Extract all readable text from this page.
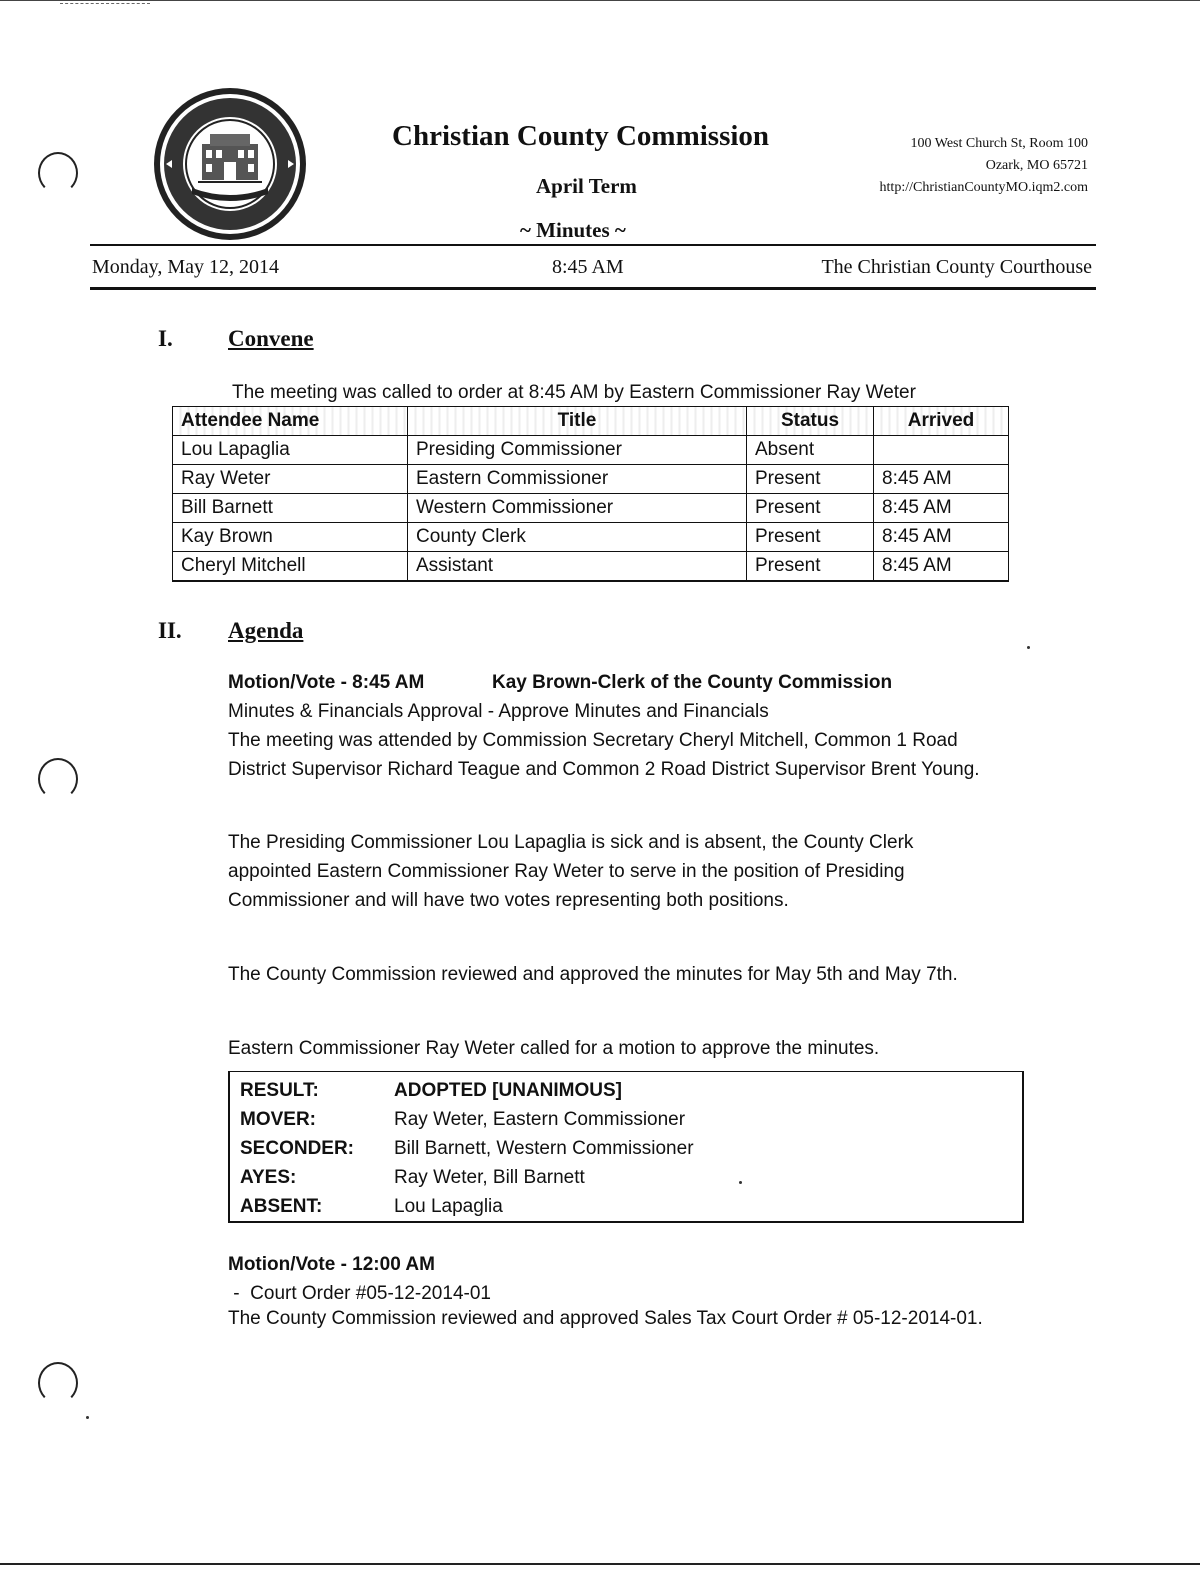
Christian County Commission
April Term
~ Minutes ~
100 West Church St, Room 100
Ozark, MO 65721
http://ChristianCountyMO.iqm2.com
Monday, May 12, 2014	8:45 AM	The Christian County Courthouse
I. Convene
The meeting was called to order at 8:45 AM by Eastern Commissioner Ray Weter
Attendee Name	Title	Status	Arrived
Lou Lapaglia	Presiding Commissioner	Absent	
Ray Weter	Eastern Commissioner	Present	8:45 AM
Bill Barnett	Western Commissioner	Present	8:45 AM
Kay Brown	County Clerk	Present	8:45 AM
Cheryl Mitchell	Assistant	Present	8:45 AM
II. Agenda
Motion/Vote - 8:45 AM	Kay Brown-Clerk of the County Commission
Minutes & Financials Approval - Approve Minutes and Financials
The meeting was attended by Commission Secretary Cheryl Mitchell, Common 1 Road
District Supervisor Richard Teague and Common 2 Road District Supervisor Brent Young.
The Presiding Commissioner Lou Lapaglia is sick and is absent, the County Clerk
appointed Eastern Commissioner Ray Weter to serve in the position of Presiding
Commissioner and will have two votes representing both positions.
The County Commission reviewed and approved the minutes for May 5th and May 7th.
Eastern Commissioner Ray Weter called for a motion to approve the minutes.
RESULT:	ADOPTED [UNANIMOUS]
MOVER:	Ray Weter, Eastern Commissioner
SECONDER:	Bill Barnett, Western Commissioner
AYES:	Ray Weter, Bill Barnett
ABSENT:	Lou Lapaglia
Motion/Vote - 12:00 AM
-  Court Order #05-12-2014-01
The County Commission reviewed and approved Sales Tax Court Order # 05-12-2014-01.
